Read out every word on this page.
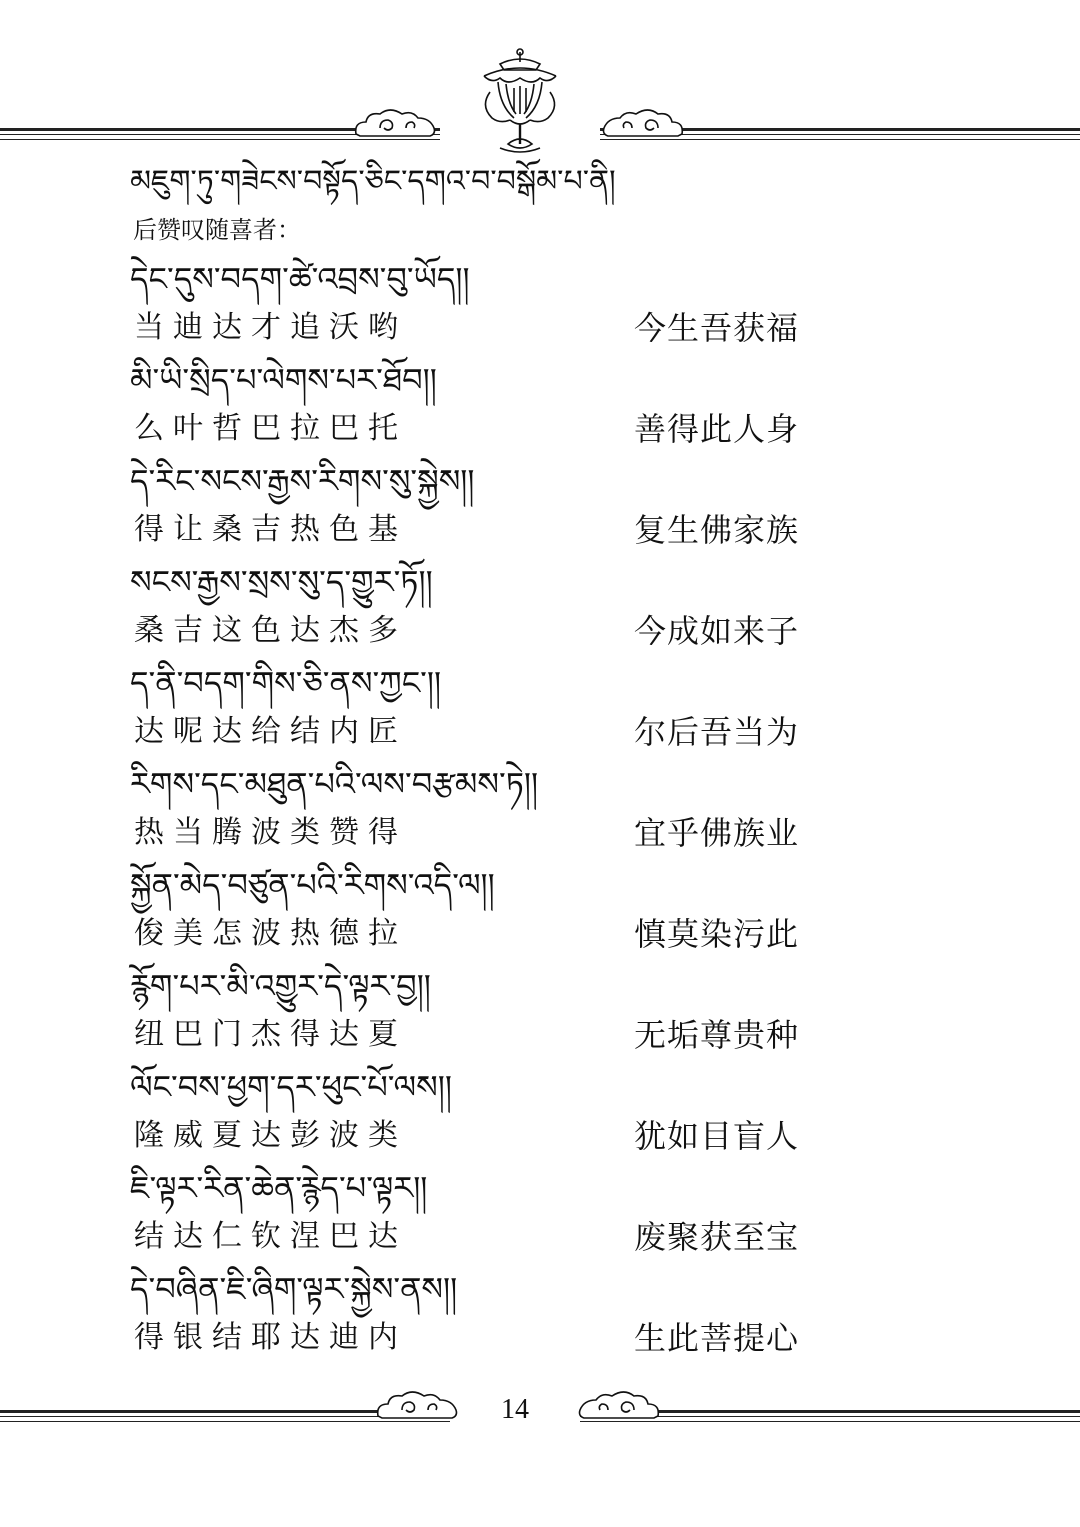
མཇུག་ཏུ་གཟེངས་བསྟོད་ཅིང་དགའ་བ་བསྒོམ་པ་ནི།
后赞叹随喜者：
དེང་དུས་བདག་ཚེ་འབྲས་བུ་ཡོད།།
当迪达才追沃哟	今生吾获福
མི་ཡི་སྲིད་པ་ལེགས་པར་ཐོབ།།
么叶哲巴拉巴托	善得此人身
དེ་རིང་སངས་རྒྱས་རིགས་སུ་སྐྱེས།།
得让桑吉热色基	复生佛家族
སངས་རྒྱས་སྲས་སུ་ད་གྱུར་ཏོ།།
桑吉这色达杰多	今成如来子
ད་ནི་བདག་གིས་ཅི་ནས་ཀྱང་།།
达呢达给结内匠	尔后吾当为
རིགས་དང་མཐུན་པའི་ལས་བརྩམས་ཏེ།།
热当腾波类赞得	宜乎佛族业
སྐྱོན་མེད་བཙུན་པའི་རིགས་འདི་ལ།།
俊美怎波热德拉	慎莫染污此
རྙོག་པར་མི་འགྱུར་དེ་ལྟར་བྱ།།
纽巴门杰得达夏	无垢尊贵种
ལོང་བས་ཕྱག་དར་ཕུང་པོ་ལས།།
隆威夏达彭波类	犹如目盲人
ཇི་ལྟར་རིན་ཆེན་རྙེད་པ་ལྟར།།
结达仁钦涅巴达	废聚获至宝
དེ་བཞིན་ཇི་ཞིག་ལྟར་སྐྱེས་ནས།།
得银结耶达迪内	生此菩提心
14
